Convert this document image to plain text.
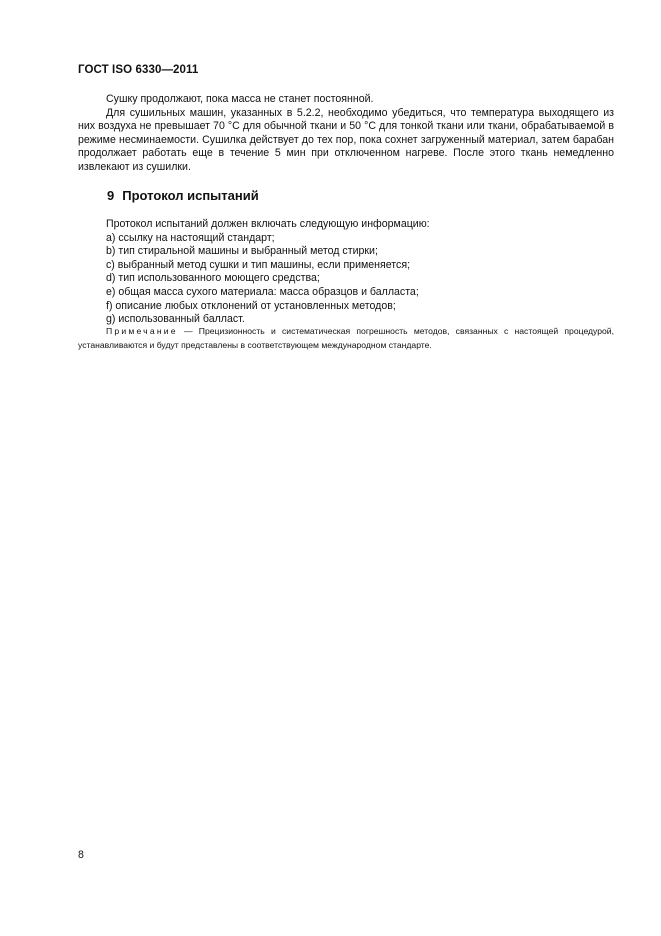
ГОСТ ISO 6330—2011

Сушку продолжают, пока масса не станет постоянной.

Для сушильных машин, указанных в 5.2.2, необходимо убедиться, что температура выходящего из них воздуха не превышает 70 °С для обычной ткани и 50 °С для тонкой ткани или ткани, обрабатываемой в режиме несминаемости. Сушилка действует до тех пор, пока сохнет загруженный материал, затем барабан продолжает работать еще в течение 5 мин при отключенном нагреве. После этого ткань немедленно извлекают из сушилки.

9 Протокол испытаний

Протокол испытаний должен включать следующую информацию:

a) ссылку на настоящий стандарт;
b) тип стиральной машины и выбранный метод стирки;
c) выбранный метод сушки и тип машины, если применяется;
d) тип использованного моющего средства;
e) общая масса сухого материала: масса образцов и балласта;
f) описание любых отклонений от установленных методов;
g) использованный балласт.

Примечание — Прецизионность и систематическая погрешность методов, связанных с настоящей процедурой, устанавливаются и будут представлены в соответствующем международном стандарте.

8
